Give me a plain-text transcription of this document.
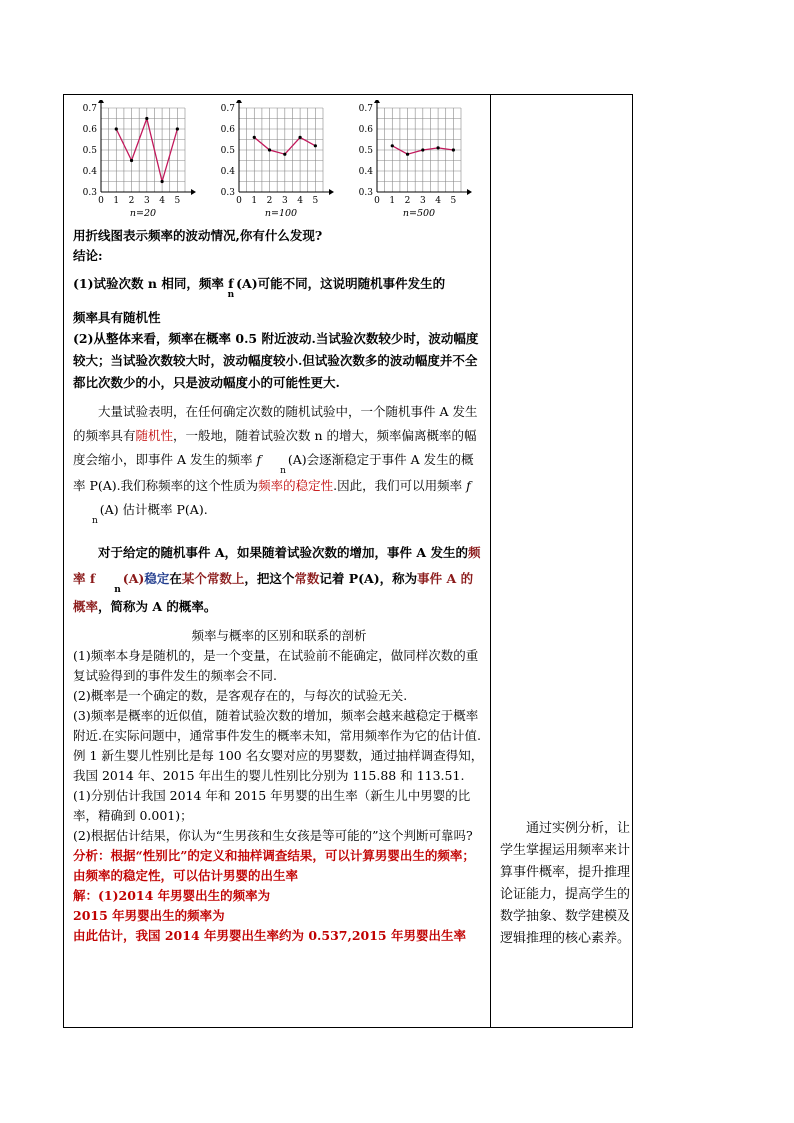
0.7
0.6
0.5
0.4
0.3
0 1 2 3 4 5
n=20
0.7
0.6
0.5
0.4
0.3
0 1 2 3 4 5
n=100
0.7
0.6
0.5
0.4
0.3
0 1 2 3 4 5
n=500

用折线图表示频率的波动情况,你有什么发现?

结论:

(1)试验次数 n 相同，频率 fn(A)可能不同，这说明随机事件发生的

频率具有随机性

(2)从整体来看，频率在概率 0.5 附近波动.当试验次数较少时，波动幅度较大；当试验次数较大时，波动幅度较小.但试验次数多的波动幅度并不全都比次数少的小，只是波动幅度小的可能性更大.

大量试验表明，在任何确定次数的随机试验中，一个随机事件 A 发生的频率具有随机性，一般地，随着试验次数 n 的增大，频率偏离概率的幅度会缩小，即事件 A 发生的频率 fn(A)会逐渐稳定于事件 A 发生的概率 P(A).我们称频率的这个性质为频率的稳定性.因此，我们可以用频率 fn(A) 估计概率 P(A).

对于给定的随机事件 A，如果随着试验次数的增加，事件 A 发生的频率 fn(A)稳定在某个常数上，把这个常数记着 P(A)，称为事件 A 的概率，简称为 A 的概率。

频率与概率的区别和联系的剖析

(1)频率本身是随机的，是一个变量，在试验前不能确定，做同样次数的重复试验得到的事件发生的频率会不同.

(2)概率是一个确定的数，是客观存在的，与每次的试验无关.

(3)频率是概率的近似值，随着试验次数的增加，频率会越来越稳定于概率附近.在实际问题中，通常事件发生的概率未知，常用频率作为它的估计值.

例 1 新生婴儿性别比是每 100 名女婴对应的男婴数，通过抽样调查得知，我国 2014 年、2015 年出生的婴儿性别比分别为 115.88 和 113.51.

(1)分别估计我国 2014 年和 2015 年男婴的出生率（新生儿中男婴的比率，精确到 0.001)；

(2)根据估计结果，你认为“生男孩和生女孩是等可能的”这个判断可靠吗?

分析：根据“性别比”的定义和抽样调查结果，可以计算男婴出生的频率；由频率的稳定性，可以估计男婴的出生率

解：(1)2014 年男婴出生的频率为

2015 年男婴出生的频率为

由此估计，我国 2014 年男婴出生率约为 0.537,2015 年男婴出生率

通过实例分析，让学生掌握运用频率来计算事件概率，提升推理论证能力，提高学生的数学抽象、数学建模及逻辑推理的核心素养。
